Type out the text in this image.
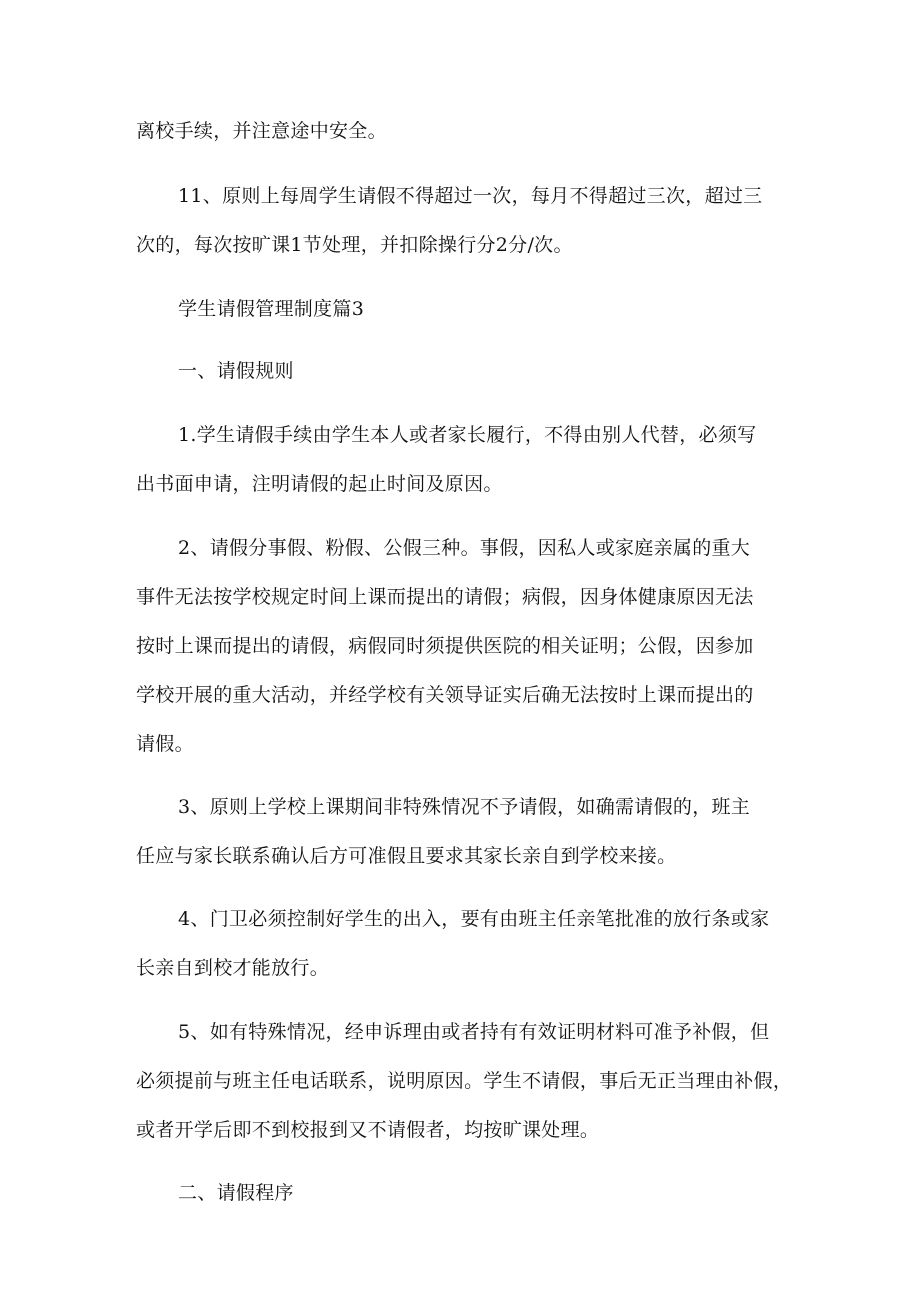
离校手续，并注意途中安全。

11、原则上每周学生请假不得超过一次，每月不得超过三次，超过三

次的，每次按旷课1节处理，并扣除操行分2分/次。

学生请假管理制度篇3

一、请假规则

1.学生请假手续由学生本人或者家长履行，不得由别人代替，必须写

出书面申请，注明请假的起止时间及原因。

2、请假分事假、粉假、公假三种。事假，因私人或家庭亲属的重大

事件无法按学校规定时间上课而提出的请假；病假，因身体健康原因无法

按时上课而提出的请假，病假同时须提供医院的相关证明；公假，因参加

学校开展的重大活动，并经学校有关领导证实后确无法按时上课而提出的

请假。

3、原则上学校上课期间非特殊情况不予请假，如确需请假的，班主

任应与家长联系确认后方可准假且要求其家长亲自到学校来接。

4、门卫必须控制好学生的出入，要有由班主任亲笔批准的放行条或家

长亲自到校才能放行。

5、如有特殊情况，经申诉理由或者持有有效证明材料可准予补假，但

必须提前与班主任电话联系，说明原因。学生不请假，事后无正当理由补假，

或者开学后即不到校报到又不请假者，均按旷课处理。

二、请假程序
